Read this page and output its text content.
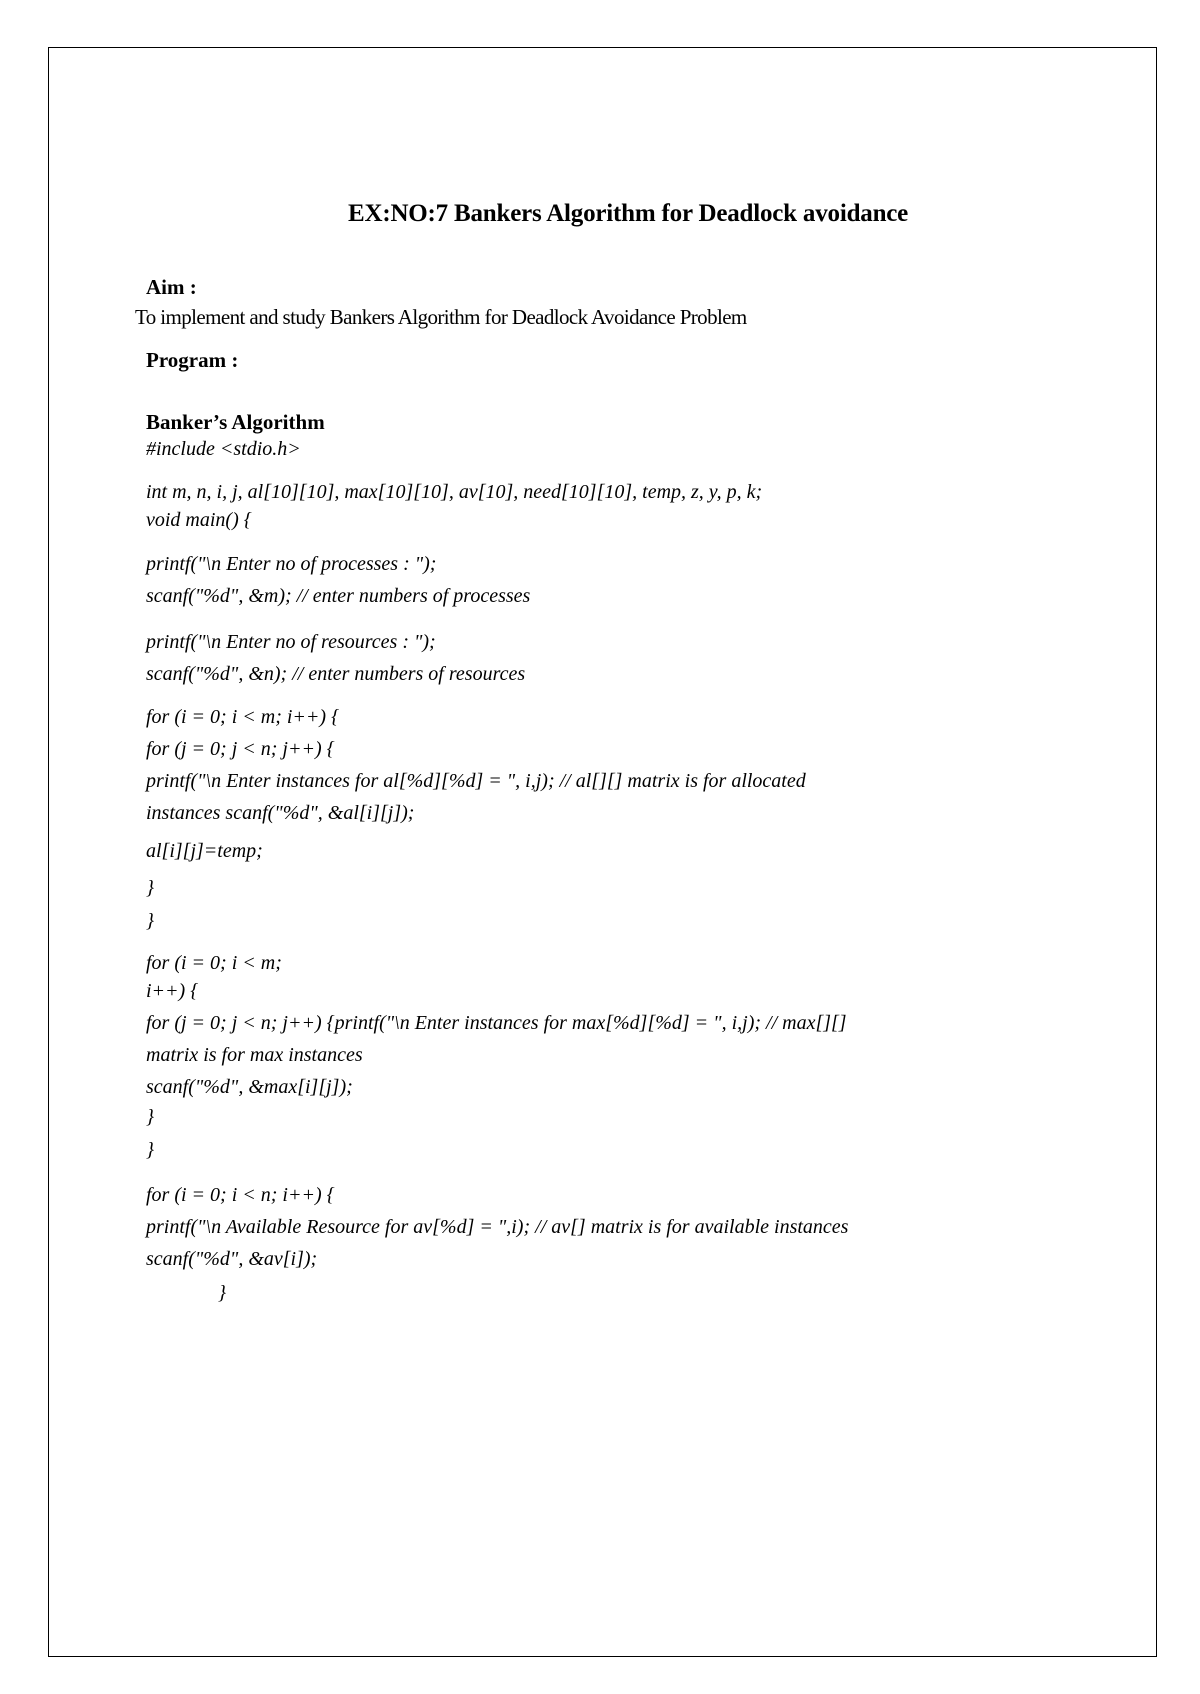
EX:NO:7 Bankers Algorithm for Deadlock avoidance
Aim :
To implement and study Bankers Algorithm for Deadlock Avoidance Problem
Program :
Banker’s Algorithm
#include <stdio.h>
int m, n, i, j, al[10][10], max[10][10], av[10], need[10][10], temp, z, y, p, k;
void main() {
printf("\n Enter no of processes : ");
scanf("%d", &m); // enter numbers of processes
printf("\n Enter no of resources : ");
scanf("%d", &n); // enter numbers of resources
for (i = 0; i < m; i++) {
for (j = 0; j < n; j++) {
printf("\n Enter instances for al[%d][%d] = ", i,j); // al[][] matrix is for allocated
instances scanf("%d", &al[i][j]);
al[i][j]=temp;
}
}
for (i = 0; i < m;
i++) {
for (j = 0; j < n; j++) {printf("\n Enter instances for max[%d][%d] = ", i,j); // max[][]
matrix is for max instances
scanf("%d", &max[i][j]);
}
}
for (i = 0; i < n; i++) {
printf("\n Available Resource for av[%d] = ",i); // av[] matrix is for available instances
scanf("%d", &av[i]);
}
